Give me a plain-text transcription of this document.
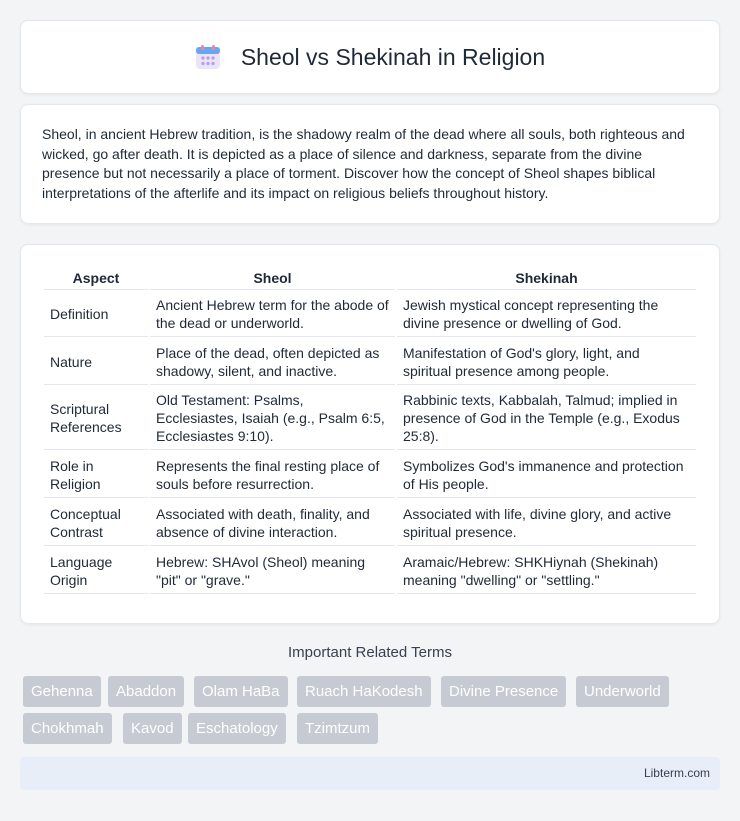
Sheol vs Shekinah in Religion

Sheol, in ancient Hebrew tradition, is the shadowy realm of the dead where all souls, both righteous and wicked, go after death. It is depicted as a place of silence and darkness, separate from the divine presence but not necessarily a place of torment. Discover how the concept of Sheol shapes biblical interpretations of the afterlife and its impact on religious beliefs throughout history.

Aspect	Sheol	Shekinah
Definition	Ancient Hebrew term for the abode of the dead or underworld.	Jewish mystical concept representing the divine presence or dwelling of God.
Nature	Place of the dead, often depicted as shadowy, silent, and inactive.	Manifestation of God's glory, light, and spiritual presence among people.
Scriptural References	Old Testament: Psalms, Ecclesiastes, Isaiah (e.g., Psalm 6:5, Ecclesiastes 9:10).	Rabbinic texts, Kabbalah, Talmud; implied in presence of God in the Temple (e.g., Exodus 25:8).
Role in Religion	Represents the final resting place of souls before resurrection.	Symbolizes God's immanence and protection of His people.
Conceptual Contrast	Associated with death, finality, and absence of divine interaction.	Associated with life, divine glory, and active spiritual presence.
Language Origin	Hebrew: SHAvol (Sheol) meaning "pit" or "grave."	Aramaic/Hebrew: SHKHiynah (Shekinah) meaning "dwelling" or "settling."
Important Related Terms
Gehenna	Abaddon	Olam HaBa	Ruach HaKodesh	Divine Presence	Underworld
Chokhmah	Kavod	Eschatology	Tzimtzum
Libterm.com
